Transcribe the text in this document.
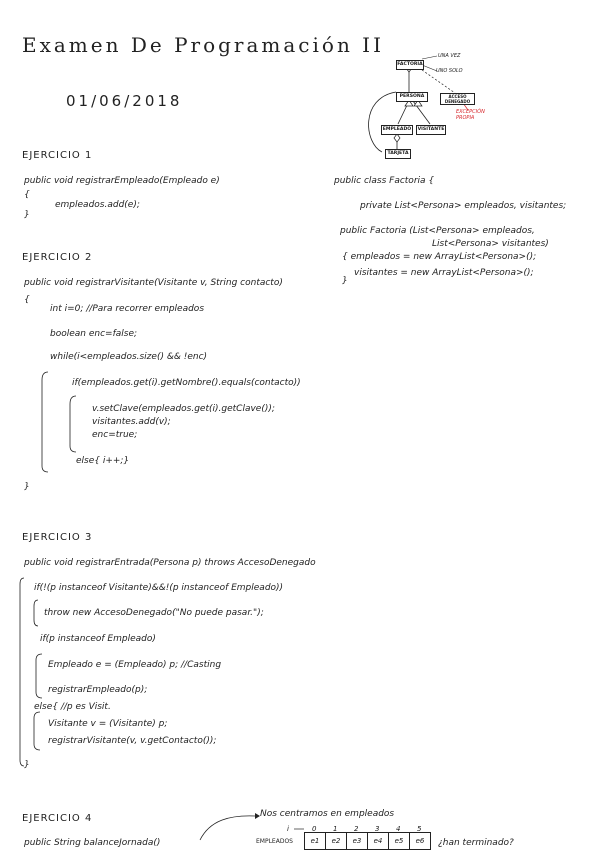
Examen De Programación II
01/06/2018
FACTORIA
PERSONA	ACCESO DENEGADO
EMPLEADO	VISITANTE
TARJETA
UNA VEZ
UNO SOLO
EXCEPCIÓN PROPIA
EJERCICIO 1
public void registrarEmpleado(Empleado e)
{
empleados.add(e);
}
public class Factoria {
private List<Persona> empleados, visitantes;
public Factoria (List<Persona> empleados,
List<Persona> visitantes)
{ empleados = new ArrayList<Persona>();
visitantes = new ArrayList<Persona>();
}
EJERCICIO 2
public void registrarVisitante(Visitante v, String contacto)
{
int i=0; //Para recorrer empleados
boolean enc=false;
while(i<empleados.size() && !enc)
if(empleados.get(i).getNombre().equals(contacto))
v.setClave(empleados.get(i).getClave());
visitantes.add(v);
enc=true;
else{ i++;}
}
EJERCICIO 3
public void registrarEntrada(Persona p) throws AccesoDenegado
if(!(p instanceof Visitante)&&!(p instanceof Empleado))
throw new AccesoDenegado("No puede pasar.");
if(p instanceof Empleado)
Empleado e = (Empleado) p; //Casting
registrarEmpleado(p);
else{ //p es Visit.
Visitante v = (Visitante) p;
registrarVisitante(v, v.getContacto());
}
EJERCICIO 4
public String balanceJornada()
Nos centramos en empleados
EMPLEADOS
i	0 1 2 3 4 5
e1	e2	e3	e4	e5	e6	¿han terminado?
